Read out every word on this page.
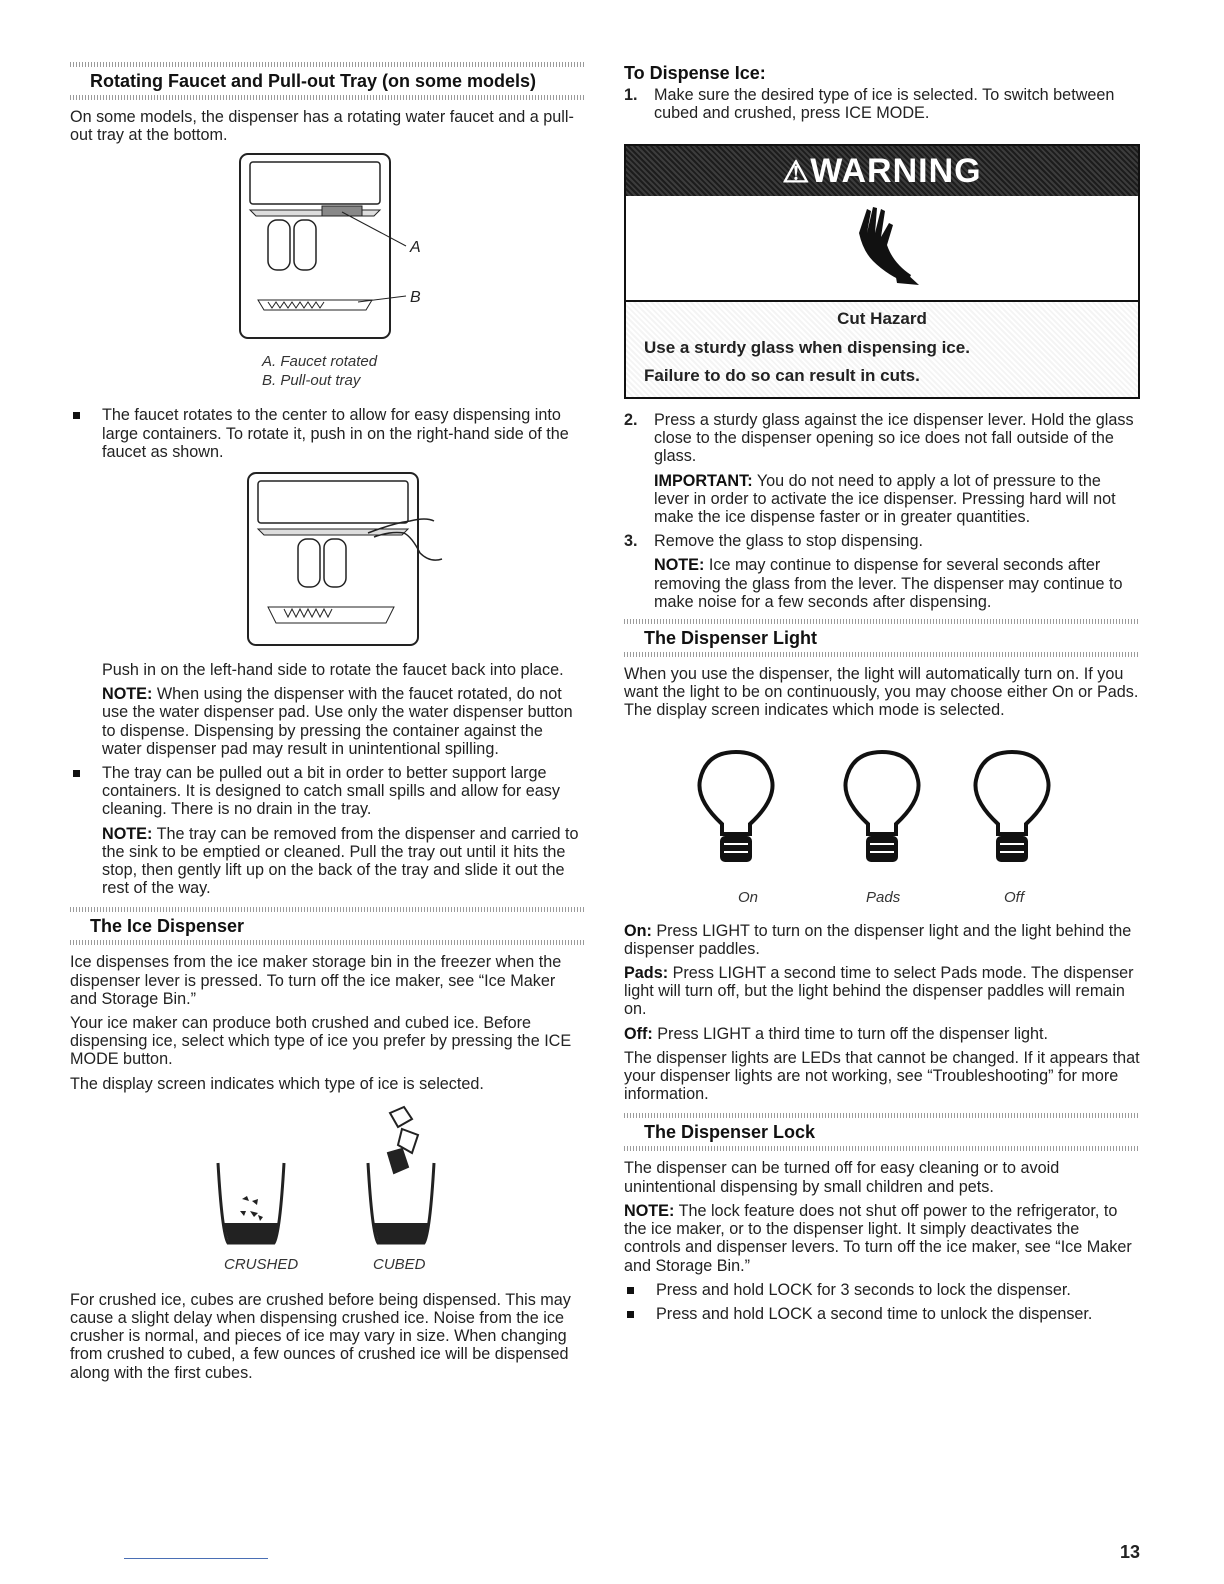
Rotating Faucet and Pull-out Tray (on some models)

On some models, the dispenser has a rotating water faucet and a pull-out tray at the bottom.

A
B
A. Faucet rotated
B. Pull-out tray
The faucet rotates to the center to allow for easy dispensing into large containers. To rotate it, push in on the right-hand side of the faucet as shown.

Push in on the left-hand side to rotate the faucet back into place.

NOTE: When using the dispenser with the faucet rotated, do not use the water dispenser pad. Use only the water dispenser button to dispense. Dispensing by pressing the container against the water dispenser pad may result in unintentional spilling.

The tray can be pulled out a bit in order to better support large containers. It is designed to catch small spills and allow for easy cleaning. There is no drain in the tray.

NOTE: The tray can be removed from the dispenser and carried to the sink to be emptied or cleaned. Pull the tray out until it hits the stop, then gently lift up on the back of the tray and slide it out the rest of the way.

The Ice Dispenser

Ice dispenses from the ice maker storage bin in the freezer when the dispenser lever is pressed. To turn off the ice maker, see “Ice Maker and Storage Bin.”

Your ice maker can produce both crushed and cubed ice. Before dispensing ice, select which type of ice you prefer by pressing the ICE MODE button.

The display screen indicates which type of ice is selected.

CRUSHED	CUBED

For crushed ice, cubes are crushed before being dispensed. This may cause a slight delay when dispensing crushed ice. Noise from the ice crusher is normal, and pieces of ice may vary in size. When changing from crushed to cubed, a few ounces of crushed ice will be dispensed along with the first cubes.

To Dispense Ice:
1. Make sure the desired type of ice is selected. To switch between cubed and crushed, press ICE MODE.
⚠WARNING
Cut Hazard
Use a sturdy glass when dispensing ice.
Failure to do so can result in cuts.
2. Press a sturdy glass against the ice dispenser lever. Hold the glass close to the dispenser opening so ice does not fall outside of the glass.

IMPORTANT: You do not need to apply a lot of pressure to the lever in order to activate the ice dispenser. Pressing hard will not make the ice dispense faster or in greater quantities.

3. Remove the glass to stop dispensing.

NOTE: Ice may continue to dispense for several seconds after removing the glass from the lever. The dispenser may continue to make noise for a few seconds after dispensing.

The Dispenser Light

When you use the dispenser, the light will automatically turn on. If you want the light to be on continuously, you may choose either On or Pads. The display screen indicates which mode is selected.

On	Pads	Off

On: Press LIGHT to turn on the dispenser light and the light behind the dispenser paddles.

Pads: Press LIGHT a second time to select Pads mode. The dispenser light will turn off, but the light behind the dispenser paddles will remain on.

Off: Press LIGHT a third time to turn off the dispenser light.

The dispenser lights are LEDs that cannot be changed. If it appears that your dispenser lights are not working, see “Troubleshooting” for more information.

The Dispenser Lock

The dispenser can be turned off for easy cleaning or to avoid unintentional dispensing by small children and pets.

NOTE: The lock feature does not shut off power to the refrigerator, to the ice maker, or to the dispenser light. It simply deactivates the controls and dispenser levers. To turn off the ice maker, see “Ice Maker and Storage Bin.”

Press and hold LOCK for 3 seconds to lock the dispenser.
Press and hold LOCK a second time to unlock the dispenser.
13
